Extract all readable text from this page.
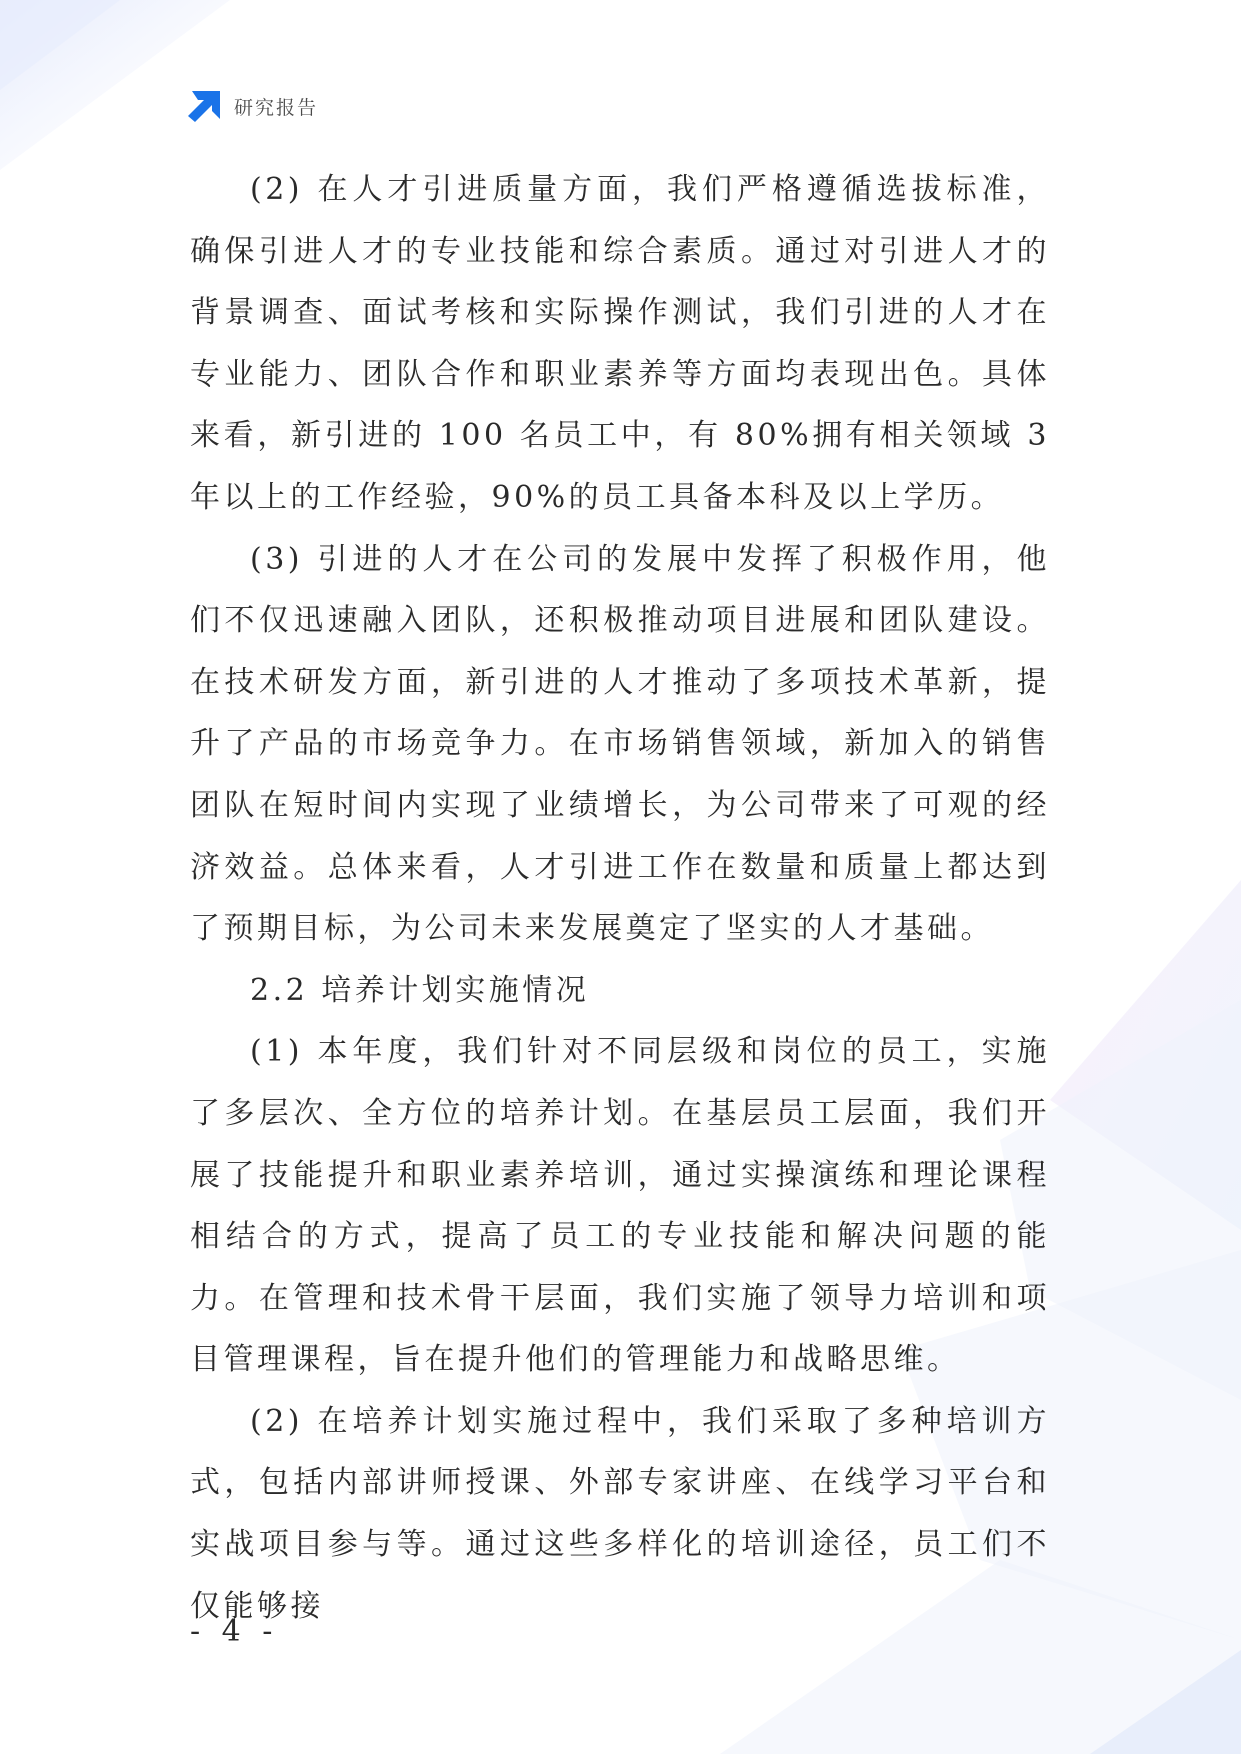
研究报告

(2) 在人才引进质量方面，我们严格遵循选拔标准，确保引进人才的专业技能和综合素质。通过对引进人才的背景调查、面试考核和实际操作测试，我们引进的人才在专业能力、团队合作和职业素养等方面均表现出色。具体来看，新引进的 100 名员工中，有 80%拥有相关领域 3 年以上的工作经验，90%的员工具备本科及以上学历。

(3) 引进的人才在公司的发展中发挥了积极作用，他们不仅迅速融入团队，还积极推动项目进展和团队建设。在技术研发方面，新引进的人才推动了多项技术革新，提升了产品的市场竞争力。在市场销售领域，新加入的销售团队在短时间内实现了业绩增长，为公司带来了可观的经济效益。总体来看，人才引进工作在数量和质量上都达到了预期目标，为公司未来发展奠定了坚实的人才基础。

2.2 培养计划实施情况

(1) 本年度，我们针对不同层级和岗位的员工，实施了多层次、全方位的培养计划。在基层员工层面，我们开展了技能提升和职业素养培训，通过实操演练和理论课程相结合的方式，提高了员工的专业技能和解决问题的能力。在管理和技术骨干层面，我们实施了领导力培训和项目管理课程，旨在提升他们的管理能力和战略思维。

(2) 在培养计划实施过程中，我们采取了多种培训方式，包括内部讲师授课、外部专家讲座、在线学习平台和实战项目参与等。通过这些多样化的培训途径，员工们不仅能够接

- 4 -
